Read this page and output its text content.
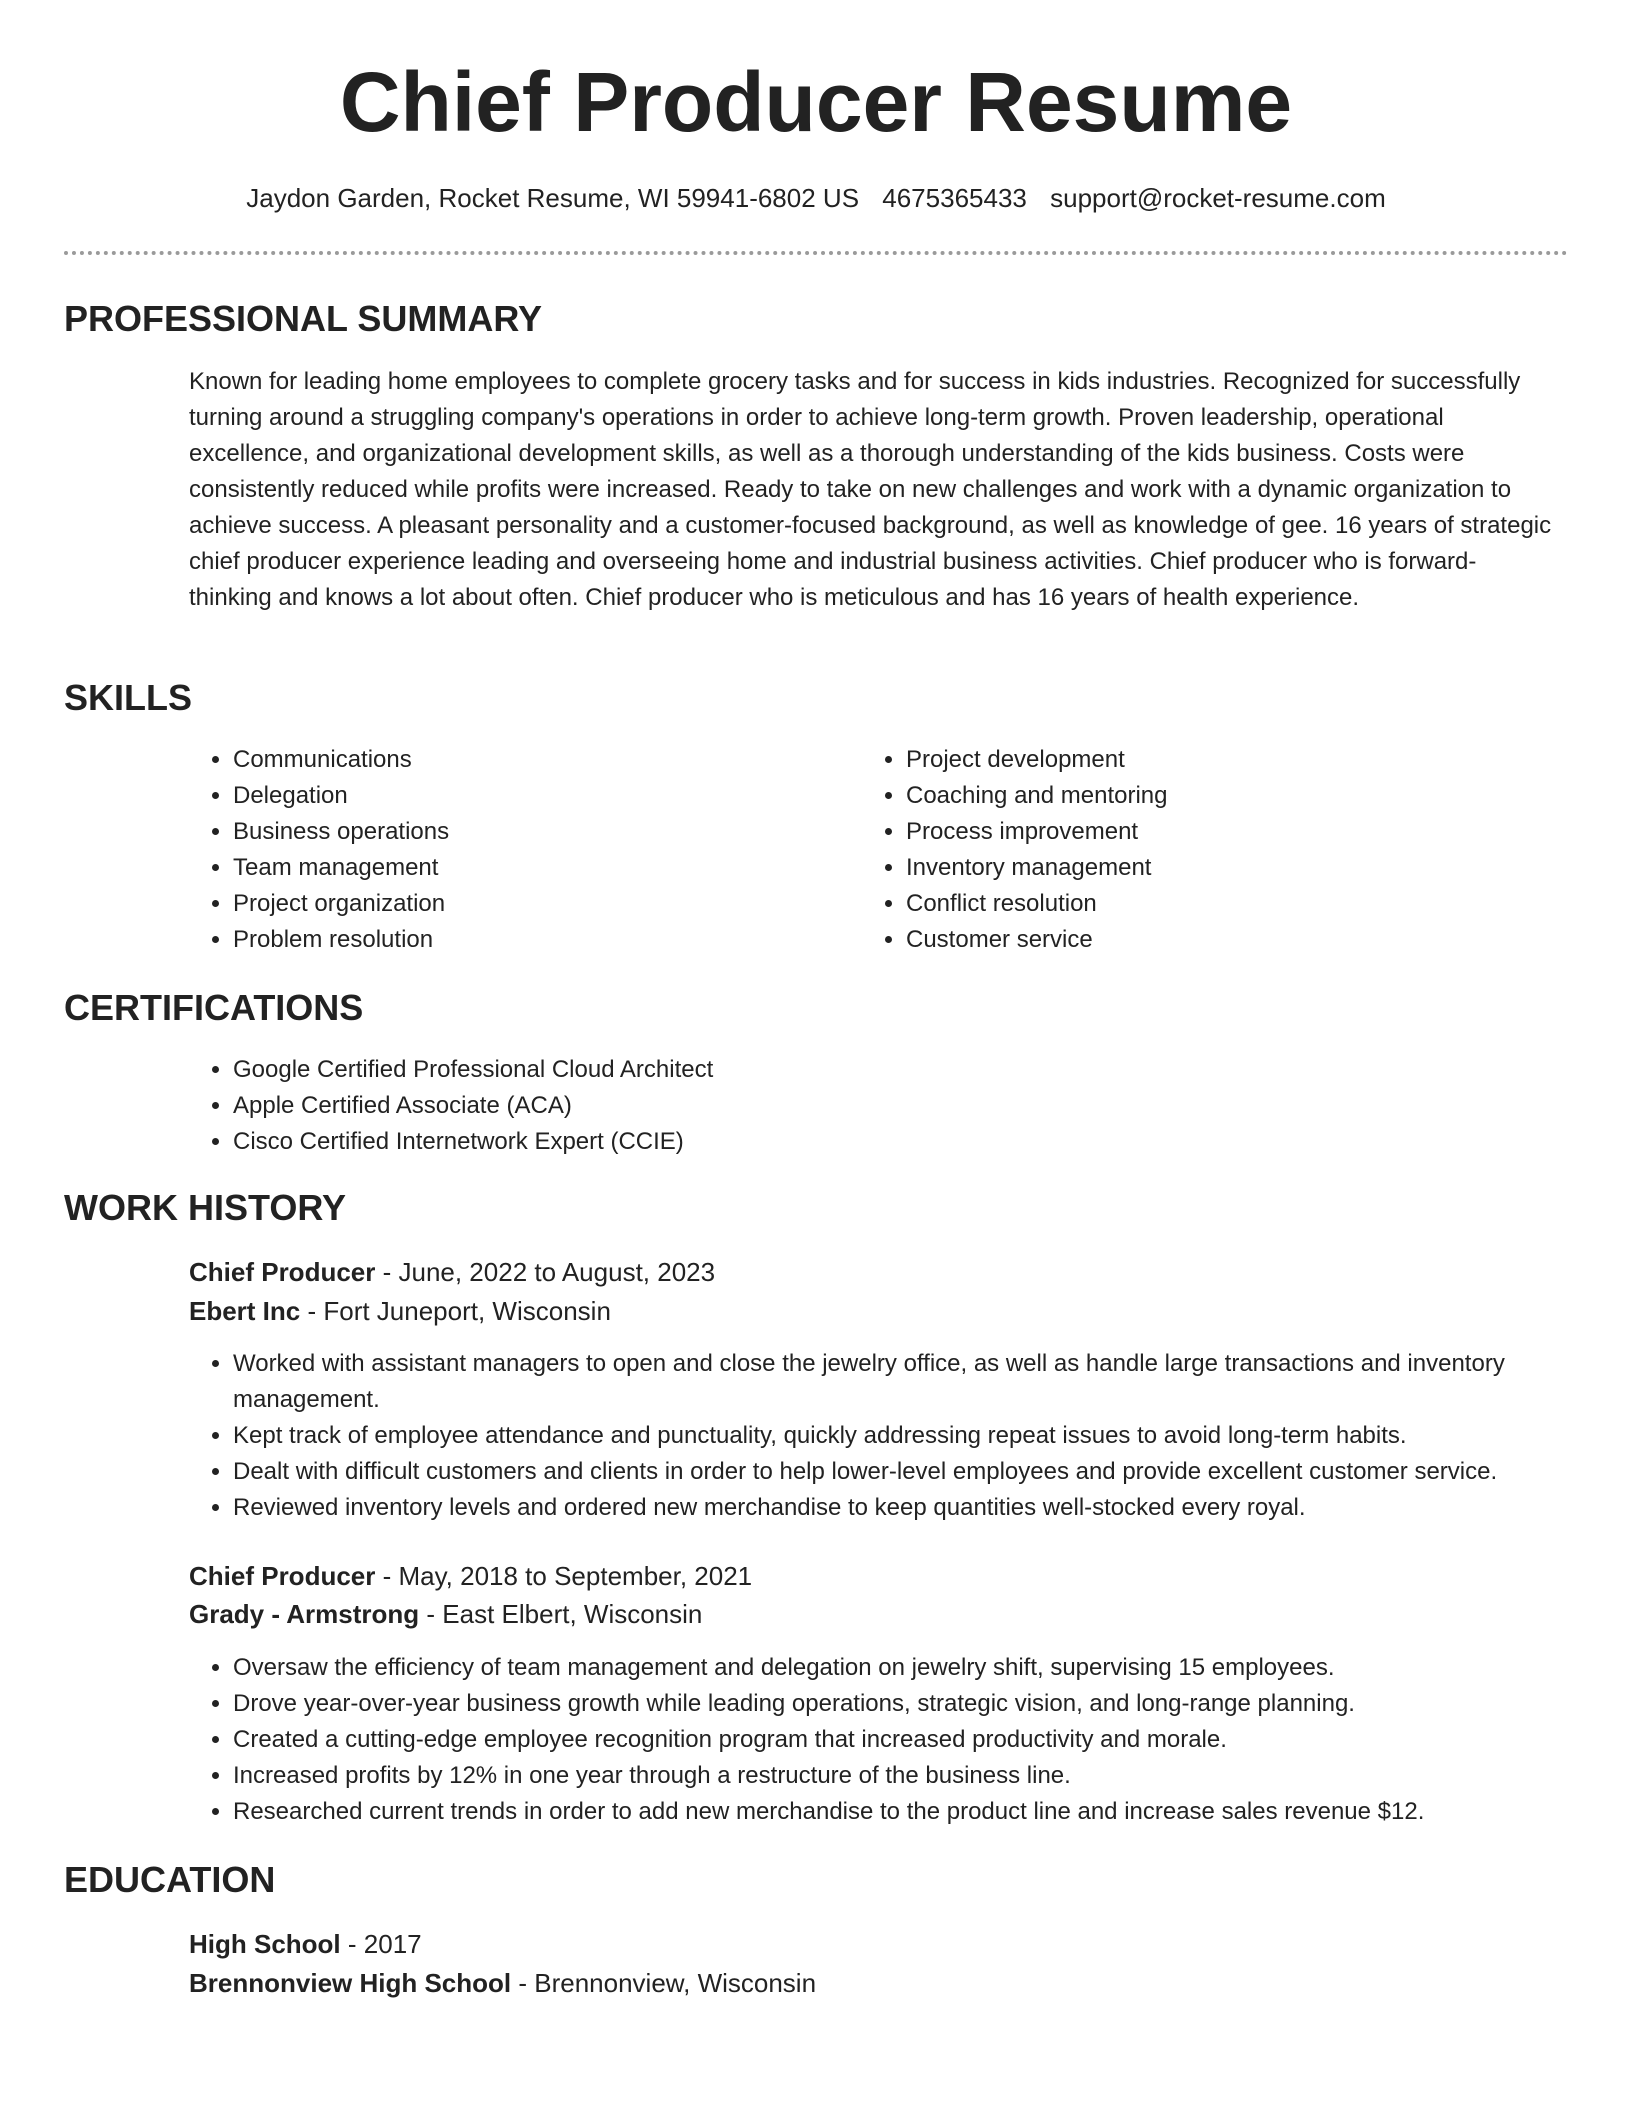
Chief Producer Resume
Jaydon Garden, Rocket Resume, WI 59941-6802 US 4675365433 support@rocket-resume.com
PROFESSIONAL SUMMARY

Known for leading home employees to complete grocery tasks and for success in kids industries. Recognized for successfully turning around a struggling company's operations in order to achieve long-term growth. Proven leadership, operational excellence, and organizational development skills, as well as a thorough understanding of the kids business. Costs were consistently reduced while profits were increased. Ready to take on new challenges and work with a dynamic organization to achieve success. A pleasant personality and a customer-focused background, as well as knowledge of gee. 16 years of strategic chief producer experience leading and overseeing home and industrial business activities. Chief producer who is forward-thinking and knows a lot about often. Chief producer who is meticulous and has 16 years of health experience.

SKILLS
• Communications
• Delegation
• Business operations
• Team management
• Project organization
• Problem resolution
• Project development
• Coaching and mentoring
• Process improvement
• Inventory management
• Conflict resolution
• Customer service
CERTIFICATIONS
• Google Certified Professional Cloud Architect
• Apple Certified Associate (ACA)
• Cisco Certified Internetwork Expert (CCIE)
WORK HISTORY
Chief Producer - June, 2022 to August, 2023
Ebert Inc - Fort Juneport, Wisconsin
• Worked with assistant managers to open and close the jewelry office, as well as handle large transactions and inventory management.
• Kept track of employee attendance and punctuality, quickly addressing repeat issues to avoid long-term habits.
• Dealt with difficult customers and clients in order to help lower-level employees and provide excellent customer service.
• Reviewed inventory levels and ordered new merchandise to keep quantities well-stocked every royal.
Chief Producer - May, 2018 to September, 2021
Grady - Armstrong - East Elbert, Wisconsin
• Oversaw the efficiency of team management and delegation on jewelry shift, supervising 15 employees.
• Drove year-over-year business growth while leading operations, strategic vision, and long-range planning.
• Created a cutting-edge employee recognition program that increased productivity and morale.
• Increased profits by 12% in one year through a restructure of the business line.
• Researched current trends in order to add new merchandise to the product line and increase sales revenue $12.
EDUCATION
High School - 2017
Brennonview High School - Brennonview, Wisconsin
